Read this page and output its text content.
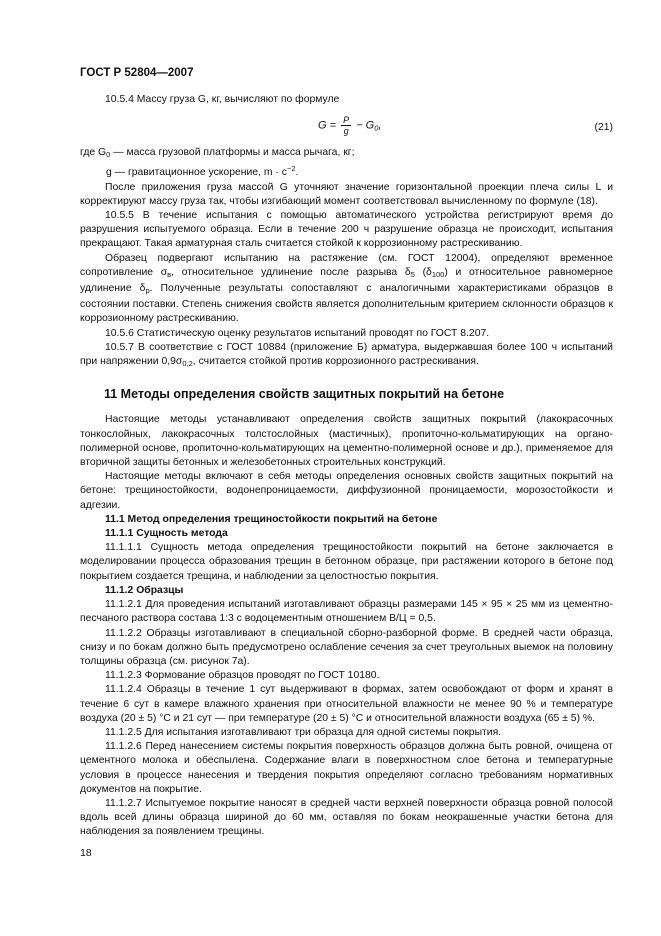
ГОСТ Р 52804—2007

10.5.4 Массу груза G, кг, вычисляют по формуле

$G = \frac{P}{g} - G_0$,	(21)

где $G_0$ — масса грузовой платформы и масса рычага, кг;

g — гравитационное ускорение, $m \cdot c^{-2}$.

После приложения груза массой G уточняют значение горизонтальной проекции плеча силы L и корректируют массу груза так, чтобы изгибающий момент соответствовал вычисленному по формуле (18).

10.5.5 В течение испытания с помощью автоматического устройства регистрируют время до разрушения испытуемого образца. Если в течение 200 ч разрушение образца не происходит, испытания прекращают. Такая арматурная сталь считается стойкой к коррозионному растрескиванию.

Образец подвергают испытанию на растяжение (см. ГОСТ 12004), определяют временное сопротивление $\sigma_в$, относительное удлинение после разрыва $\delta_5$ $(\delta_{100})$ и относительное равномерное удлинение $\delta_р$. Полученные результаты сопоставляют с аналогичными характеристиками образцов в состоянии поставки. Степень снижения свойств является дополнительным критерием склонности образцов к коррозионному растрескиванию.

10.5.6 Статистическую оценку результатов испытаний проводят по ГОСТ 8.207.

10.5.7 В соответствие с ГОСТ 10884 (приложение Б) арматура, выдержавшая более 100 ч испытаний при напряжении $0,9\sigma_{0,2}$, считается стойкой против коррозионного растрескивания.

11 Методы определения свойств защитных покрытий на бетоне

Настоящие методы устанавливают определения свойств защитных покрытий (лакокрасочных тонкослойных, лакокрасочных толстослойных (мастичных), пропиточно-кольматирующих на органо-полимерной основе, пропиточно-кольматирующих на цементно-полимерной основе и др.), применяемое для вторичной защиты бетонных и железобетонных строительных конструкций.

Настоящие методы включают в себя методы определения основных свойств защитных покрытий на бетоне: трещиностойкости, водонепроницаемости, диффузионной проницаемости, морозостойкости и адгезии.

11.1 Метод определения трещиностойкости покрытий на бетоне

11.1.1 Сущность метода

11.1.1.1 Сущность метода определения трещиностойкости покрытий на бетоне заключается в моделировании процесса образования трещин в бетонном образце, при растяжении которого в бетоне под покрытием создается трещина, и наблюдении за целостностью покрытия.

11.1.2 Образцы

11.1.2.1 Для проведения испытаний изготавливают образцы размерами 145 × 95 × 25 мм из цементно-песчаного раствора состава 1:3 с водоцементным отношением В/Ц = 0,5.

11.1.2.2 Образцы изготавливают в специальной сборно-разборной форме. В средней части образца, снизу и по бокам должно быть предусмотрено ослабление сечения за счет треугольных выемок на половину толщины образца (см. рисунок 7а).

11.1.2.3 Формование образцов проводят по ГОСТ 10180.

11.1.2.4 Образцы в течение 1 сут выдерживают в формах, затем освобождают от форм и хранят в течение 6 сут в камере влажного хранения при относительной влажности не менее 90 % и температуре воздуха (20 ± 5) °С и 21 сут — при температуре (20 ± 5) °С и относительной влажности воздуха (65 ± 5) %.

11.1.2.5 Для испытания изготавливают три образца для одной системы покрытия.

11.1.2.6 Перед нанесением системы покрытия поверхность образцов должна быть ровной, очищена от цементного молока и обеспылена. Содержание влаги в поверхностном слое бетона и температурные условия в процессе нанесения и твердения покрытия определяют согласно требованиям нормативных документов на покрытие.

11.1.2.7 Испытуемое покрытие наносят в средней части верхней поверхности образца ровной полосой вдоль всей длины образца шириной до 60 мм, оставляя по бокам неокрашенные участки бетона для наблюдения за появлением трещины.

18
